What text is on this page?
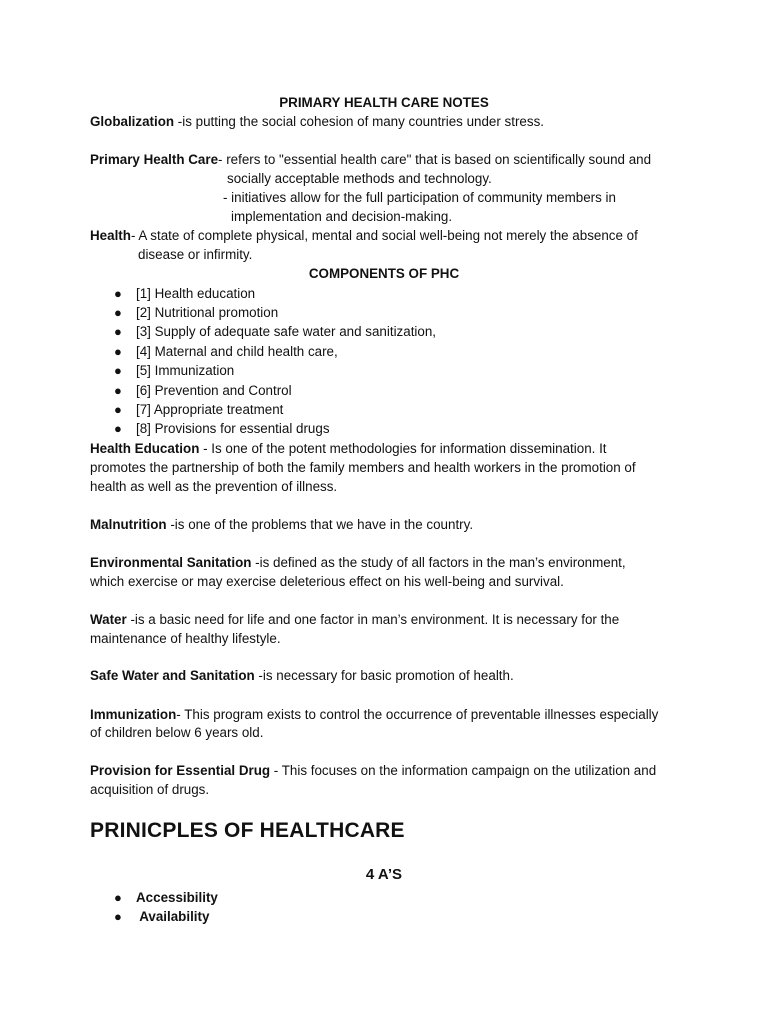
PRIMARY HEALTH CARE NOTES
Globalization -is putting the social cohesion of many countries under stress.
Primary Health Care- refers to "essential health care" that is based on scientifically sound and
socially acceptable methods and technology.
- initiatives allow for the full participation of community members in
implementation and decision-making.
Health- A state of complete physical, mental and social well-being not merely the absence of
disease or infirmity.
COMPONENTS OF PHC
● [1] Health education
● [2] Nutritional promotion
● [3] Supply of adequate safe water and sanitization,
● [4] Maternal and child health care,
● [5] Immunization
● [6] Prevention and Control
● [7] Appropriate treatment
● [8] Provisions for essential drugs
Health Education - Is one of the potent methodologies for information dissemination. It
promotes the partnership of both the family members and health workers in the promotion of
health as well as the prevention of illness.
Malnutrition -is one of the problems that we have in the country.
Environmental Sanitation -is defined as the study of all factors in the man’s environment,
which exercise or may exercise deleterious effect on his well-being and survival.
Water -is a basic need for life and one factor in man’s environment. It is necessary for the
maintenance of healthy lifestyle.
Safe Water and Sanitation -is necessary for basic promotion of health.
Immunization- This program exists to control the occurrence of preventable illnesses especially
of children below 6 years old.
Provision for Essential Drug - This focuses on the information campaign on the utilization and
acquisition of drugs.
PRINICPLES OF HEALTHCARE
4 A’S
● Accessibility
● Availability
